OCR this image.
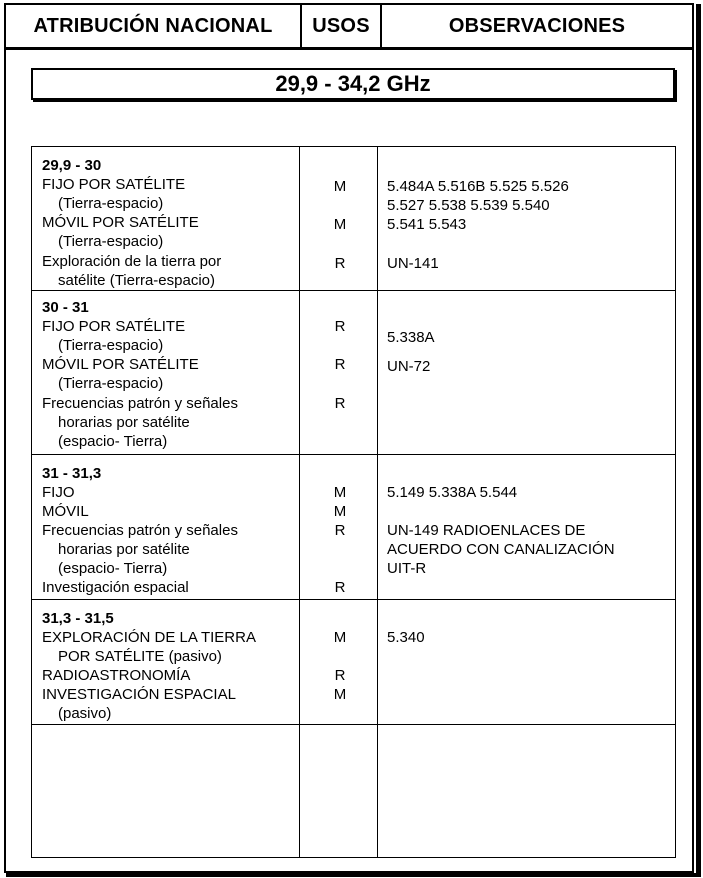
ATRIBUCIÓN NACIONAL	USOS	OBSERVACIONES
29,9 - 34,2 GHz
29,9 - 30
FIJO POR SATÉLITE
(Tierra-espacio)
MÓVIL POR SATÉLITE
(Tierra-espacio)
Exploración de la tierra por
satélite (Tierra-espacio)
M
M
R
5.484A 5.516B 5.525 5.526
5.527 5.538 5.539 5.540
5.541 5.543
UN-141
30 - 31
FIJO POR SATÉLITE
(Tierra-espacio)
MÓVIL POR SATÉLITE
(Tierra-espacio)
Frecuencias patrón y señales
horarias por satélite
(espacio- Tierra)
R
R
R
5.338A
UN-72
31 - 31,3
FIJO
MÓVIL
Frecuencias patrón y señales
horarias por satélite
(espacio- Tierra)
Investigación espacial
M
M
R
R
5.149 5.338A 5.544
UN-149 RADIOENLACES DE
ACUERDO CON CANALIZACIÓN
UIT-R
31,3 - 31,5
EXPLORACIÓN DE LA TIERRA
POR SATÉLITE (pasivo)
RADIOASTRONOMÍA
INVESTIGACIÓN ESPACIAL
(pasivo)
M
R
M
5.340
